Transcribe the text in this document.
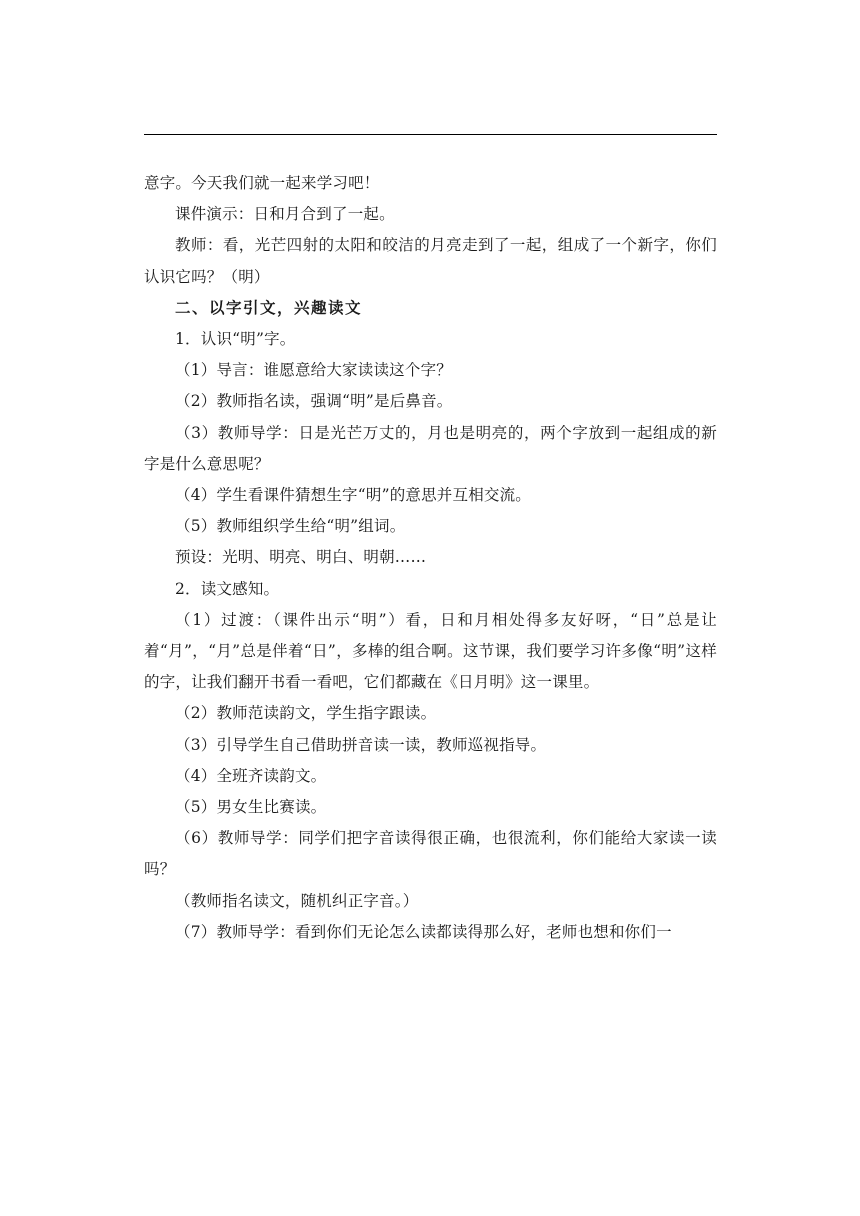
意字。今天我们就一起来学习吧！

课件演示：日和月合到了一起。

教师：看，光芒四射的太阳和皎洁的月亮走到了一起，组成了一个新字，你们认识它吗？（明）

二、以字引文，兴趣读文

1．认识“明”字。

（1）导言：谁愿意给大家读读这个字？

（2）教师指名读，强调“明”是后鼻音。

（3）教师导学：日是光芒万丈的，月也是明亮的，两个字放到一起组成的新字是什么意思呢？

（4）学生看课件猜想生字“明”的意思并互相交流。

（5）教师组织学生给“明”组词。

预设：光明、明亮、明白、明朝……

2．读文感知。

（1）过渡：（课件出示“明”）看，日和月相处得多友好呀，“日”总是让着“月”，“月”总是伴着“日”，多棒的组合啊。这节课，我们要学习许多像“明”这样的字，让我们翻开书看一看吧，它们都藏在《日月明》这一课里。

（2）教师范读韵文，学生指字跟读。

（3）引导学生自己借助拼音读一读，教师巡视指导。

（4）全班齐读韵文。

（5）男女生比赛读。

（6）教师导学：同学们把字音读得很正确，也很流利，你们能给大家读一读吗？

（教师指名读文，随机纠正字音。）

（7）教师导学：看到你们无论怎么读都读得那么好，老师也想和你们一
